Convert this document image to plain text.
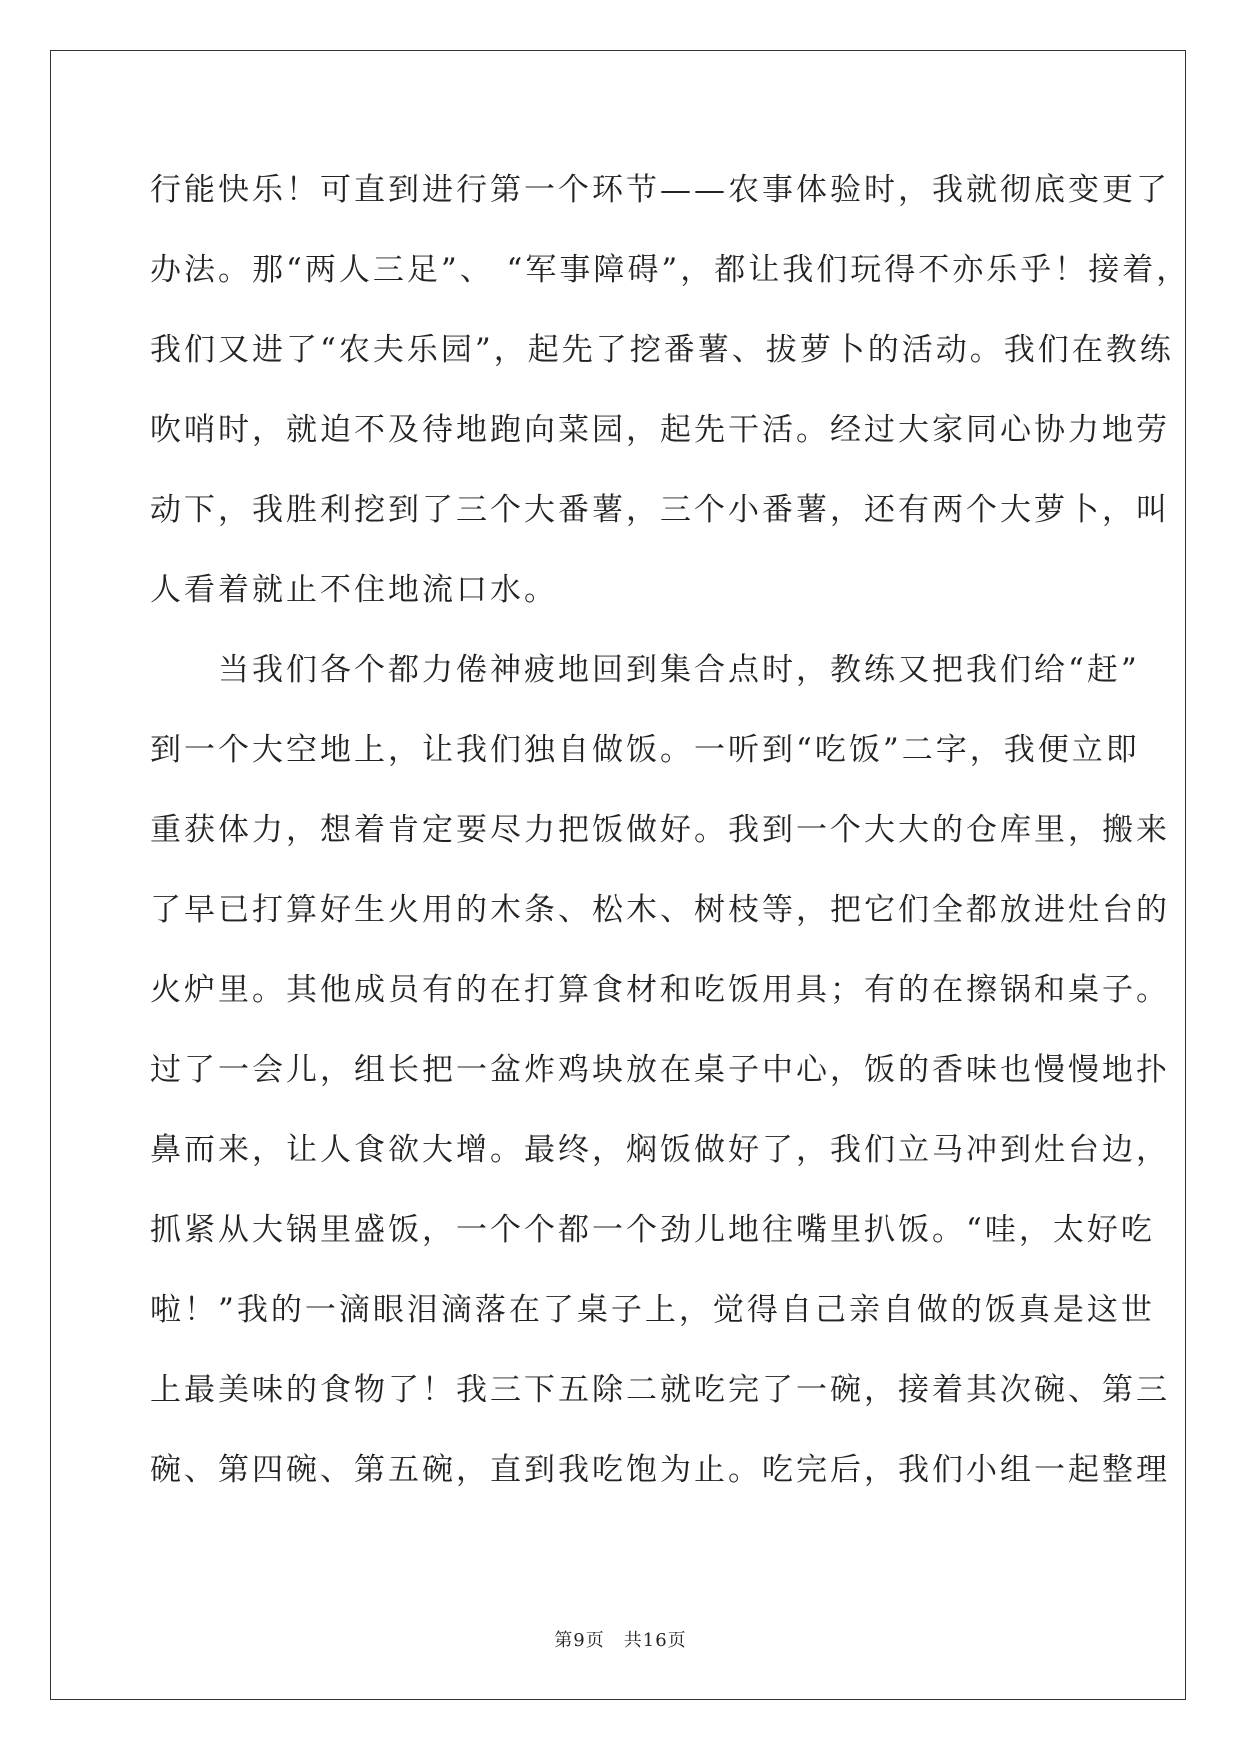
行能快乐！可直到进行第一个环节——农事体验时，我就彻底变更了
办法。那“两人三足”、 “军事障碍”，都让我们玩得不亦乐乎！接着，
我们又进了“农夫乐园”，起先了挖番薯、拔萝卜的活动。我们在教练
吹哨时，就迫不及待地跑向菜园，起先干活。经过大家同心协力地劳
动下，我胜利挖到了三个大番薯，三个小番薯，还有两个大萝卜，叫
人看着就止不住地流口水。
　　当我们各个都力倦神疲地回到集合点时，教练又把我们给“赶”
到一个大空地上，让我们独自做饭。一听到“吃饭”二字，我便立即
重获体力，想着肯定要尽力把饭做好。我到一个大大的仓库里，搬来
了早已打算好生火用的木条、松木、树枝等，把它们全都放进灶台的
火炉里。其他成员有的在打算食材和吃饭用具；有的在擦锅和桌子。
过了一会儿，组长把一盆炸鸡块放在桌子中心，饭的香味也慢慢地扑
鼻而来，让人食欲大增。最终，焖饭做好了，我们立马冲到灶台边，
抓紧从大锅里盛饭，一个个都一个劲儿地往嘴里扒饭。“哇，太好吃
啦！”我的一滴眼泪滴落在了桌子上，觉得自己亲自做的饭真是这世
上最美味的食物了！我三下五除二就吃完了一碗，接着其次碗、第三
碗、第四碗、第五碗，直到我吃饱为止。吃完后，我们小组一起整理
第9页　共16页
